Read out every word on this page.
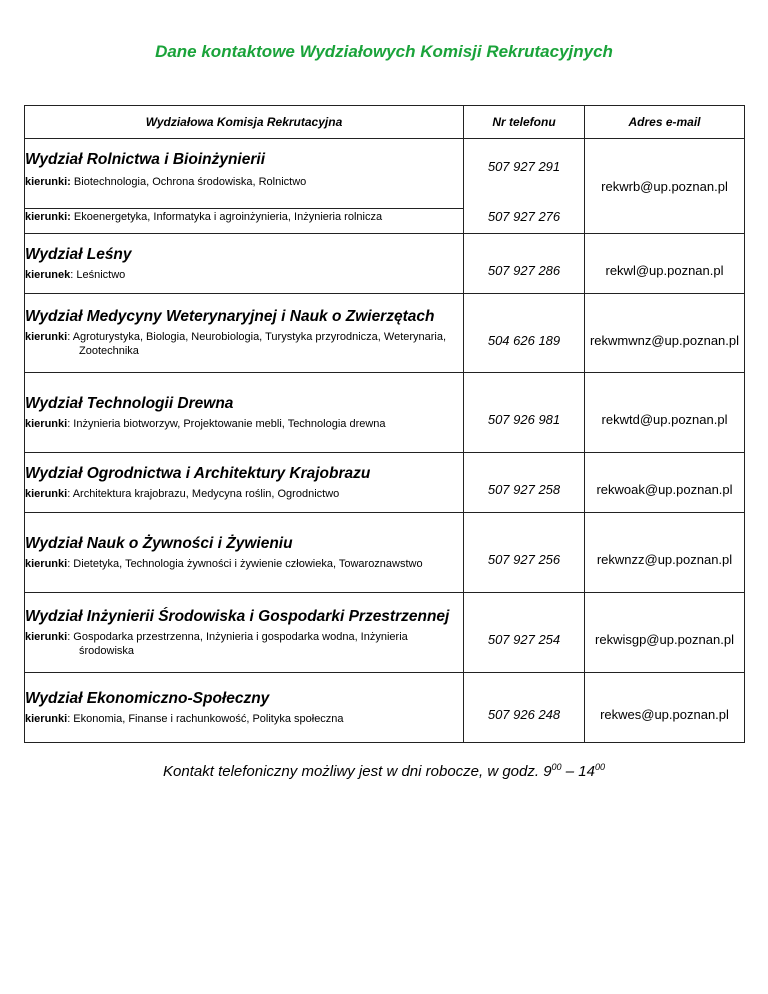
Dane kontaktowe Wydziałowych Komisji Rekrutacyjnych
Wydziałowa Komisja Rekrutacyjna	Nr telefonu	Adres e-mail

Wydział Rolnictwa i Bioinżynierii
kierunki: Biotechnologia, Ochrona środowiska, Rolnictwo	507 927 291	rekwrb@up.poznan.pl

kierunki: Ekoenergetyka, Informatyka i agroinżynieria, Inżynieria rolnicza	507 927 276	

Wydział Leśny
kierunek: Leśnictwo	507 927 286	rekwl@up.poznan.pl

Wydział Medycyny Weterynaryjnej i Nauk o Zwierzętach
kierunki: Agroturystyka, Biologia, Neurobiologia, Turystyka przyrodnicza, Weterynaria, Zootechnika	504 626 189	rekwmwnz@up.poznan.pl

Wydział Technologii Drewna
kierunki: Inżynieria biotworzyw, Projektowanie mebli, Technologia drewna	507 926 981	rekwtd@up.poznan.pl

Wydział Ogrodnictwa i Architektury Krajobrazu
kierunki: Architektura krajobrazu, Medycyna roślin, Ogrodnictwo	507 927 258	rekwoak@up.poznan.pl

Wydział Nauk o Żywności i Żywieniu
kierunki: Dietetyka, Technologia żywności i żywienie człowieka, Towaroznawstwo	507 927 256	rekwnzz@up.poznan.pl

Wydział Inżynierii Środowiska i Gospodarki Przestrzennej
kierunki: Gospodarka przestrzenna, Inżynieria i gospodarka wodna, Inżynieria środowiska	507 927 254	rekwisgp@up.poznan.pl

Wydział Ekonomiczno-Społeczny
kierunki: Ekonomia, Finanse i rachunkowość, Polityka społeczna	507 926 248	rekwes@up.poznan.pl
Kontakt telefoniczny możliwy jest w dni robocze, w godz. $9^{00} - 14^{00}$
